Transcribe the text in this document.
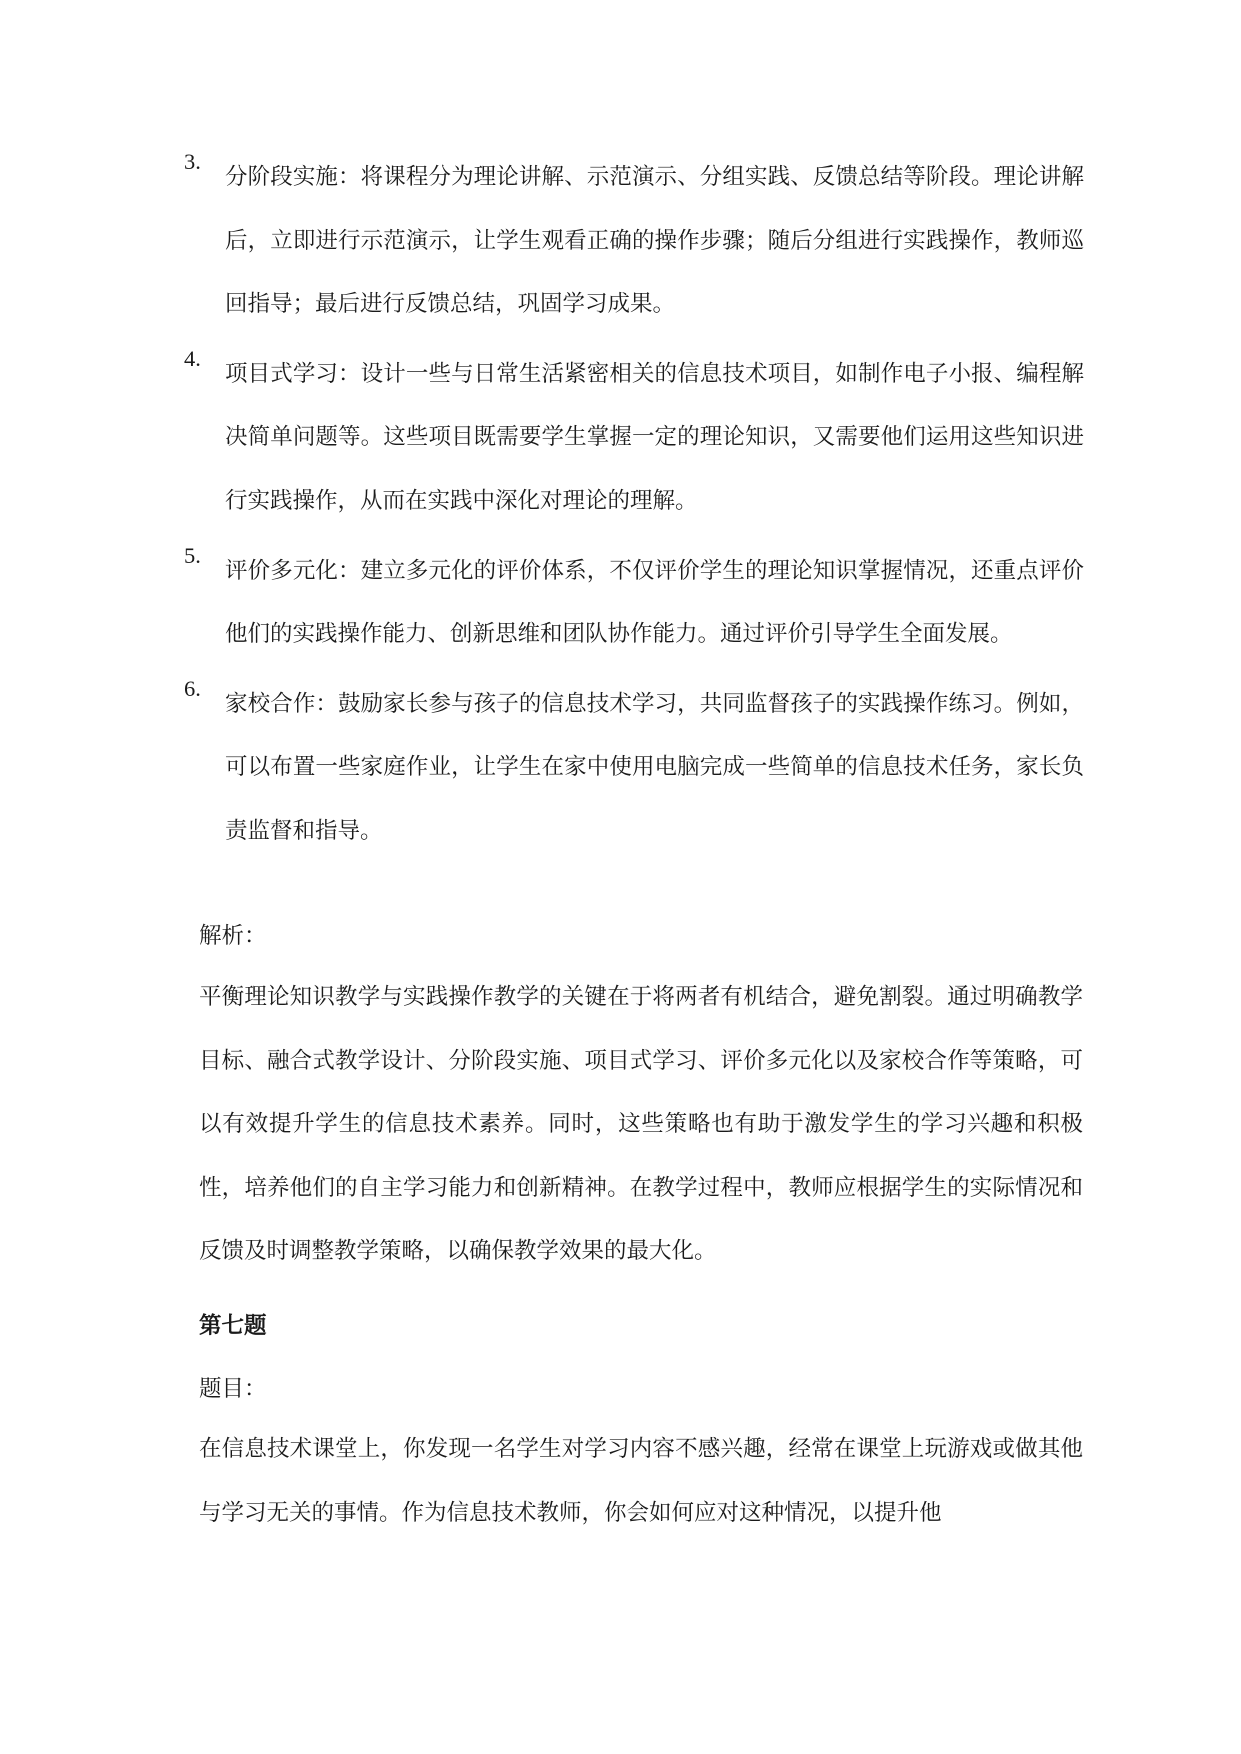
3.
分阶段实施：将课程分为理论讲解、示范演示、分组实践、反馈总结等阶段。理论讲解后，立即进行示范演示，让学生观看正确的操作步骤；随后分组进行实践操作，教师巡回指导；最后进行反馈总结，巩固学习成果。
4.
项目式学习：设计一些与日常生活紧密相关的信息技术项目，如制作电子小报、编程解决简单问题等。这些项目既需要学生掌握一定的理论知识，又需要他们运用这些知识进行实践操作，从而在实践中深化对理论的理解。
5.
评价多元化：建立多元化的评价体系，不仅评价学生的理论知识掌握情况，还重点评价他们的实践操作能力、创新思维和团队协作能力。通过评价引导学生全面发展。
6.
家校合作：鼓励家长参与孩子的信息技术学习，共同监督孩子的实践操作练习。例如，可以布置一些家庭作业，让学生在家中使用电脑完成一些简单的信息技术任务，家长负责监督和指导。

解析：

平衡理论知识教学与实践操作教学的关键在于将两者有机结合，避免割裂。通过明确教学目标、融合式教学设计、分阶段实施、项目式学习、评价多元化以及家校合作等策略，可以有效提升学生的信息技术素养。同时，这些策略也有助于激发学生的学习兴趣和积极性，培养他们的自主学习能力和创新精神。在教学过程中，教师应根据学生的实际情况和反馈及时调整教学策略，以确保教学效果的最大化。

第七题

题目：

在信息技术课堂上，你发现一名学生对学习内容不感兴趣，经常在课堂上玩游戏或做其他与学习无关的事情。作为信息技术教师，你会如何应对这种情况，以提升他
